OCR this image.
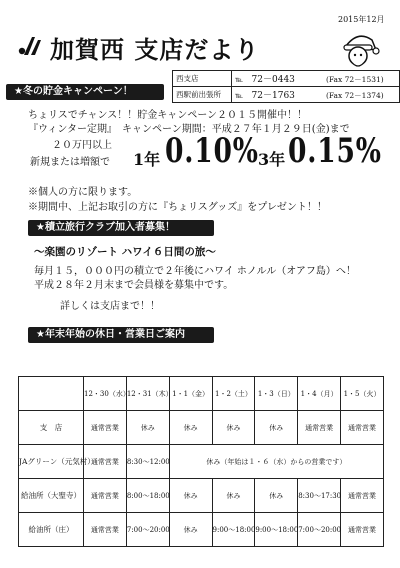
加賀西 支店だより
2015年12月
西支店	℡ 72－0443 (Fax 72－1531)
西駅前出張所	℡ 72－1763 (Fax 72－1374)
★冬の貯金キャンペーン！
ちょリスでチャンス！！貯金キャンペーン２０１５開催中！！
『ウィンター定期』　キャンペーン期間：平成２７年１月２９日(金)まで
２０万円以上
新規または増額で 1年 0.10% 3年 0.15%
※個人の方に限ります。
※期間中、上記お取引の方に『ちょリスグッズ』をプレゼント！！
★積立旅行クラブ加入者募集！
～楽園のリゾート ハワイ６日間の旅～
毎月１５，０００円の積立で２年後にハワイ ホノルル（オアフ島）へ！
平成２８年２月末まで会員様を募集中です。
詳しくは支店まで！！
★年末年始の休日・営業日ご案内
	12・30（水）	12・31（木）	1・1（金）	1・2（土）	1・3（日）	1・4（月）	1・5（火）
支　店	通常営業	休み	休み	休み	休み	通常営業	通常営業
JAグリーン（元気村）	通常営業	8:30～12:00	休み（年始は１・６（水）からの営業です）				
給油所（大聖寺）	通常営業	8:00～18:00	休み	休み	休み	8:30～17:30	通常営業
給油所（庄）	通常営業	7:00～20:00	休み	9:00～18:00	9:00～18:00	7:00～20:00	通常営業
